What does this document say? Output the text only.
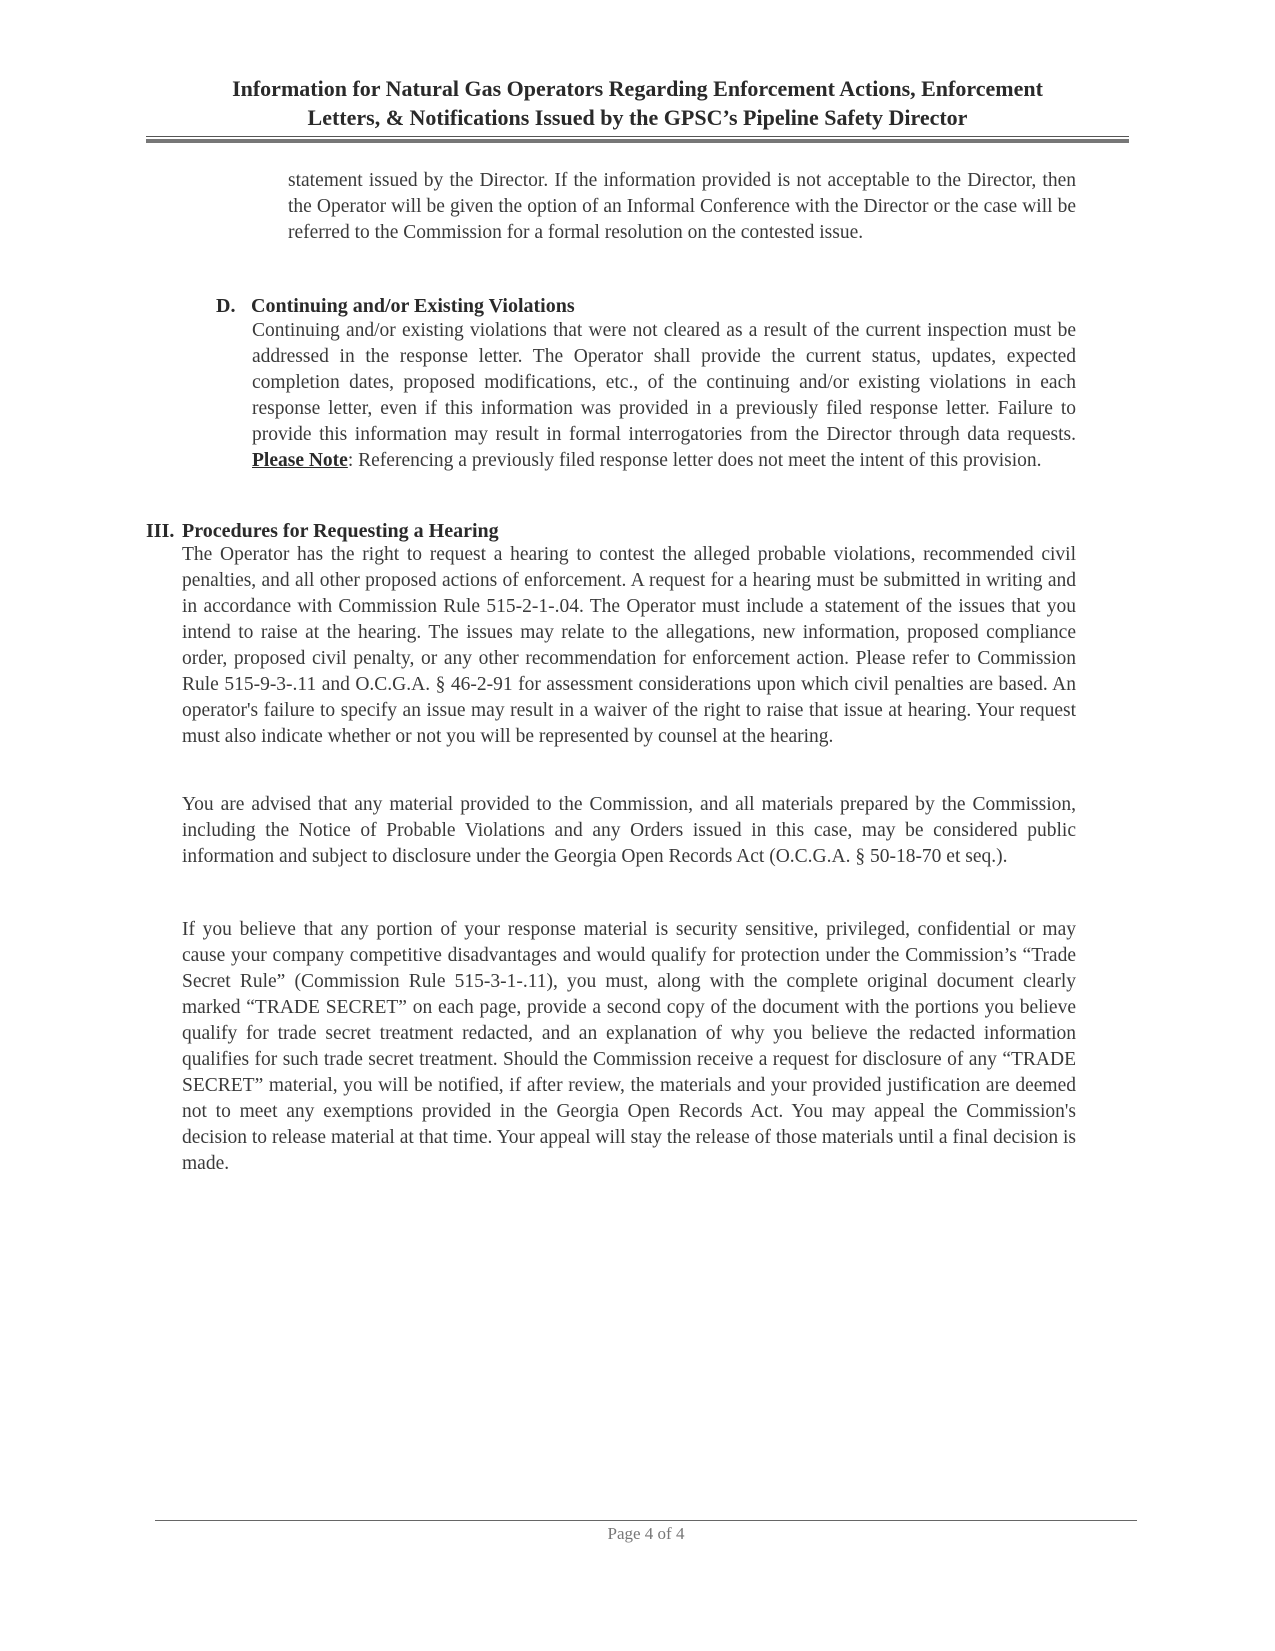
Information for Natural Gas Operators Regarding Enforcement Actions, Enforcement
Letters, & Notifications Issued by the GPSC’s Pipeline Safety Director

statement issued by the Director. If the information provided is not acceptable to the Director, then the Operator will be given the option of an Informal Conference with the Director or the case will be referred to the Commission for a formal resolution on the contested issue.

D. Continuing and/or Existing Violations

Continuing and/or existing violations that were not cleared as a result of the current inspection must be addressed in the response letter. The Operator shall provide the current status, updates, expected completion dates, proposed modifications, etc., of the continuing and/or existing violations in each response letter, even if this information was provided in a previously filed response letter. Failure to provide this information may result in formal interrogatories from the Director through data requests. Please Note: Referencing a previously filed response letter does not meet the intent of this provision.

III. Procedures for Requesting a Hearing

The Operator has the right to request a hearing to contest the alleged probable violations, recommended civil penalties, and all other proposed actions of enforcement. A request for a hearing must be submitted in writing and in accordance with Commission Rule 515-2-1-.04. The Operator must include a statement of the issues that you intend to raise at the hearing. The issues may relate to the allegations, new information, proposed compliance order, proposed civil penalty, or any other recommendation for enforcement action. Please refer to Commission Rule 515-9-3-.11 and O.C.G.A. § 46-2-91 for assessment considerations upon which civil penalties are based. An operator's failure to specify an issue may result in a waiver of the right to raise that issue at hearing. Your request must also indicate whether or not you will be represented by counsel at the hearing.

You are advised that any material provided to the Commission, and all materials prepared by the Commission, including the Notice of Probable Violations and any Orders issued in this case, may be considered public information and subject to disclosure under the Georgia Open Records Act (O.C.G.A. § 50-18-70 et seq.).

If you believe that any portion of your response material is security sensitive, privileged, confidential or may cause your company competitive disadvantages and would qualify for protection under the Commission’s “Trade Secret Rule” (Commission Rule 515-3-1-.11), you must, along with the complete original document clearly marked “TRADE SECRET” on each page, provide a second copy of the document with the portions you believe qualify for trade secret treatment redacted, and an explanation of why you believe the redacted information qualifies for such trade secret treatment. Should the Commission receive a request for disclosure of any “TRADE SECRET” material, you will be notified, if after review, the materials and your provided justification are deemed not to meet any exemptions provided in the Georgia Open Records Act. You may appeal the Commission's decision to release material at that time. Your appeal will stay the release of those materials until a final decision is made.

Page 4 of 4
